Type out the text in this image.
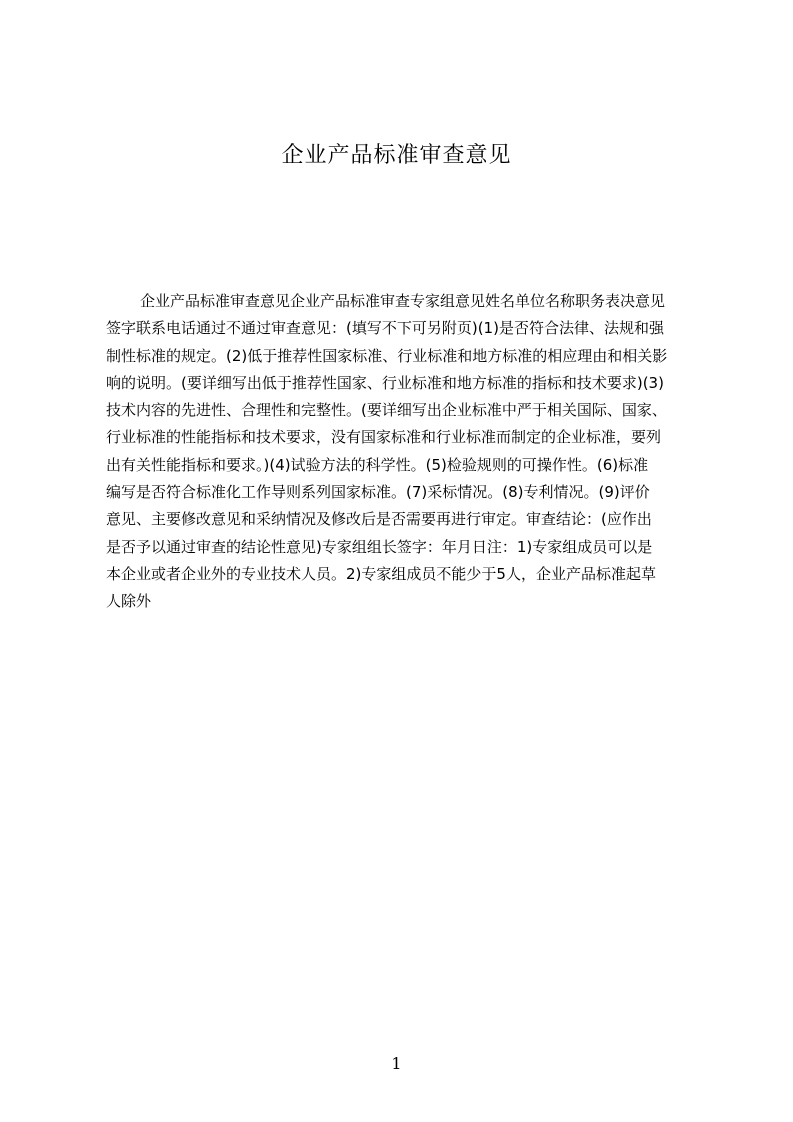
企业产品标准审查意见
企业产品标准审查意见企业产品标准审查专家组意见姓名单位名称职务表决意见
签字联系电话通过不通过审查意见：(填写不下可另附页)(1)是否符合法律、法规和强
制性标准的规定。(2)低于推荐性国家标准、行业标准和地方标准的相应理由和相关影
响的说明。(要详细写出低于推荐性国家、行业标准和地方标准的指标和技术要求)(3)
技术内容的先进性、合理性和完整性。(要详细写出企业标准中严于相关国际、国家、
行业标准的性能指标和技术要求，没有国家标准和行业标准而制定的企业标准，要列
出有关性能指标和要求。)(4)试验方法的科学性。(5)检验规则的可操作性。(6)标准
编写是否符合标准化工作导则系列国家标准。(7)采标情况。(8)专利情况。(9)评价
意见、主要修改意见和采纳情况及修改后是否需要再进行审定。审查结论：(应作出
是否予以通过审查的结论性意见)专家组组长签字：年月日注：1)专家组成员可以是
本企业或者企业外的专业技术人员。2)专家组成员不能少于5人，企业产品标准起草
人除外
1
